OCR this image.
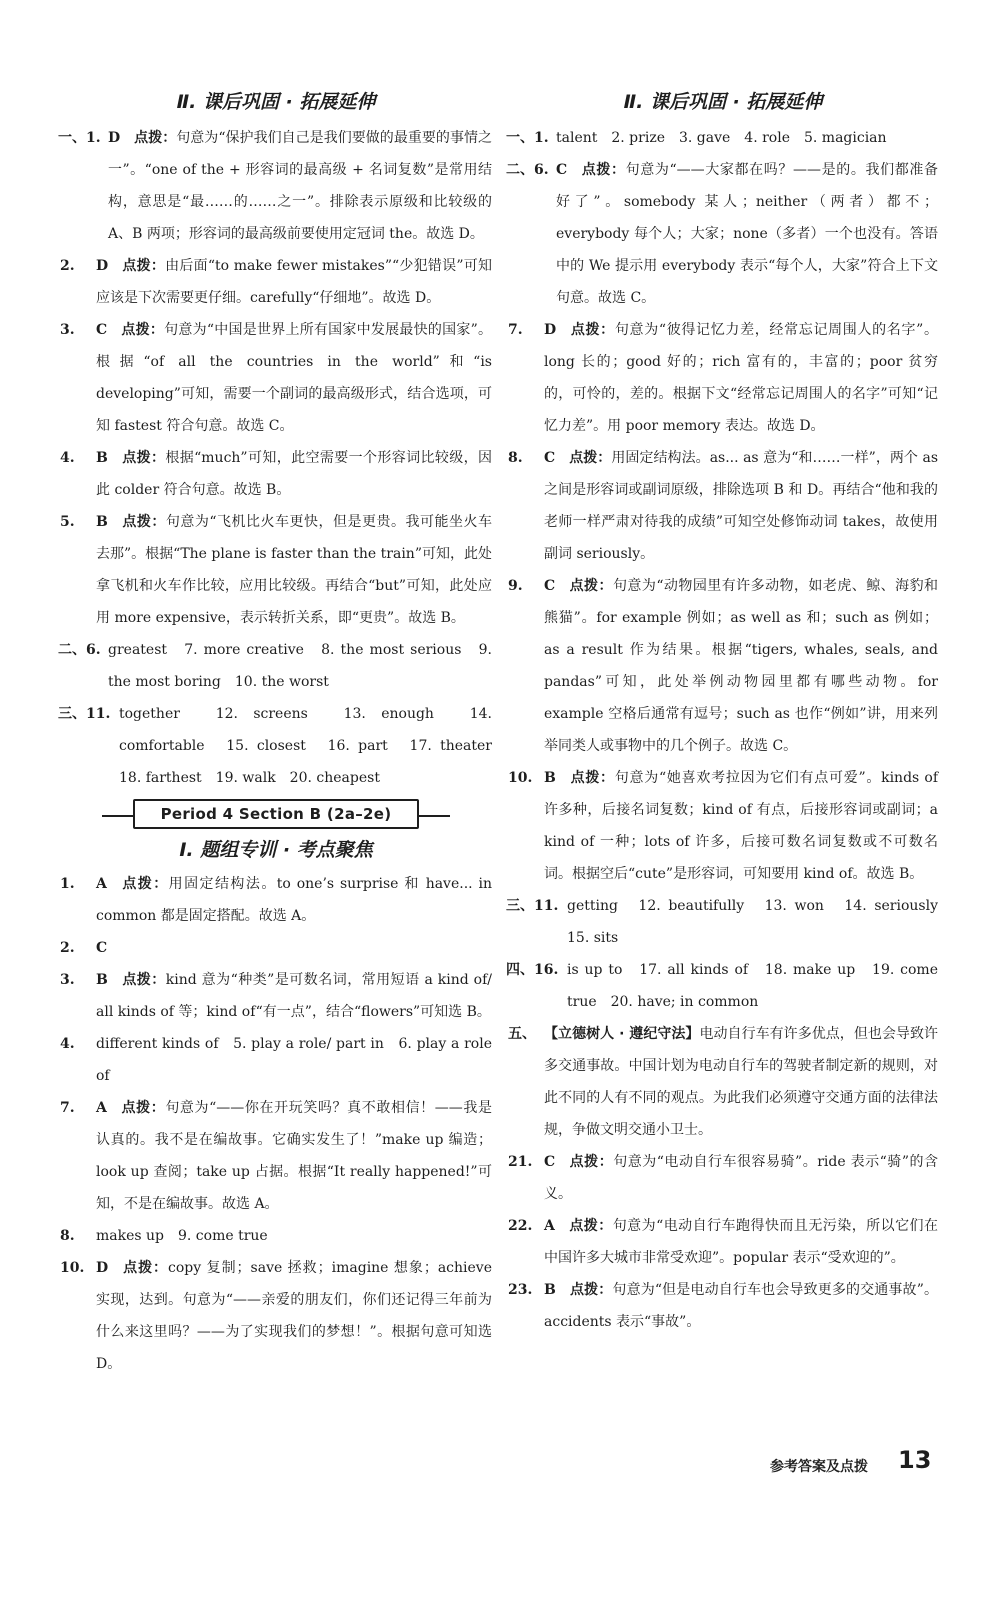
Ⅱ. 课后巩固 · 拓展延伸
一、1. D  点拨：句意为“保护我们自己是我们要做的最重要的事情之一”。“one of the + 形容词的最高级 + 名词复数”是常用结构，意思是“最……的……之一”。排除表示原级和比较级的 A、B 两项；形容词的最高级前要使用定冠词 the。故选 D。
2. D  点拨：由后面“to make fewer mistakes”“少犯错误”可知应该是下次需要更仔细。carefully“仔细地”。故选 D。
3. C  点拨：句意为“中国是世界上所有国家中发展最快的国家”。根据“of all the countries in the world”和“is developing”可知，需要一个副词的最高级形式，结合选项，可知 fastest 符合句意。故选 C。
4. B  点拨：根据“much”可知，此空需要一个形容词比较级，因此 colder 符合句意。故选 B。
5. B  点拨：句意为“飞机比火车更快，但是更贵。我可能坐火车去那”。根据“The plane is faster than the train”可知，此处拿飞机和火车作比较，应用比较级。再结合“but”可知，此处应用 more expensive，表示转折关系，即“更贵”。故选 B。
二、6. greatest　7. more creative　8. the most serious　9. the most boring　10. the worst
三、11. together　12. screens　13. enough　14. comfortable　15. closest　16. part　17. theater　18. farthest　19. walk　20. cheapest
Period 4 Section B (2a–2e)
Ⅰ. 题组专训 · 考点聚焦
1. A  点拨：用固定结构法。to one’s surprise 和 have... in common 都是固定搭配。故选 A。
2. C 
3. B  点拨：kind 意为“种类”是可数名词，常用短语 a kind of/ all kinds of 等；kind of“有一点”，结合“flowers”可知选 B。
4. different kinds of　5. play a role/ part in　6. play a role of
7. A  点拨：句意为“——你在开玩笑吗？真不敢相信！——我是认真的。我不是在编故事。它确实发生了！”make up 编造；look up 查阅；take up 占据。根据“It really happened!”可知，不是在编故事。故选 A。
8. makes up　9. come true
10. D  点拨：copy 复制；save 拯救；imagine 想象；achieve 实现，达到。句意为“——亲爱的朋友们，你们还记得三年前为什么来这里吗？——为了实现我们的梦想！”。根据句意可知选 D。
Ⅱ. 课后巩固 · 拓展延伸
一、1. talent　2. prize　3. gave　4. role　5. magician
二、6. C  点拨：句意为“——大家都在吗？——是的。我们都准备好了”。somebody 某人；neither（两者）都不；everybody 每个人；大家；none（多者）一个也没有。答语中的 We 提示用 everybody 表示“每个人，大家”符合上下文句意。故选 C。
7. D  点拨：句意为“彼得记忆力差，经常忘记周围人的名字”。long 长的；good 好的；rich 富有的，丰富的；poor 贫穷的，可怜的，差的。根据下文“经常忘记周围人的名字”可知“记忆力差”。用 poor memory 表达。故选 D。
8. C  点拨：用固定结构法。as... as 意为“和……一样”，两个 as 之间是形容词或副词原级，排除选项 B 和 D。再结合“他和我的老师一样严肃对待我的成绩”可知空处修饰动词 takes，故使用副词 seriously。
9. C  点拨：句意为“动物园里有许多动物，如老虎、鲸、海豹和熊猫”。for example 例如；as well as 和；such as 例如；as a result 作为结果。根据“tigers, whales, seals, and pandas”可知，此处举例动物园里都有哪些动物。for example 空格后通常有逗号；such as 也作“例如”讲，用来列举同类人或事物中的几个例子。故选 C。
10. B  点拨：句意为“她喜欢考拉因为它们有点可爱”。kinds of 许多种，后接名词复数；kind of 有点，后接形容词或副词；a kind of 一种；lots of 许多，后接可数名词复数或不可数名词。根据空后“cute”是形容词，可知要用 kind of。故选 B。
三、11. getting　12. beautifully　13. won　14. seriously　15. sits
四、16. is up to　17. all kinds of　18. make up　19. come true　20. have; in common
五、 【立德树人 · 遵纪守法】电动自行车有许多优点，但也会导致许多交通事故。中国计划为电动自行车的驾驶者制定新的规则，对此不同的人有不同的观点。为此我们必须遵守交通方面的法律法规，争做文明交通小卫士。
21. C  点拨：句意为“电动自行车很容易骑”。ride 表示“骑”的含义。
22. A  点拨：句意为“电动自行车跑得快而且无污染，所以它们在中国许多大城市非常受欢迎”。popular 表示“受欢迎的”。
23. B  点拨：句意为“但是电动自行车也会导致更多的交通事故”。accidents 表示“事故”。
参考答案及点拨 13
